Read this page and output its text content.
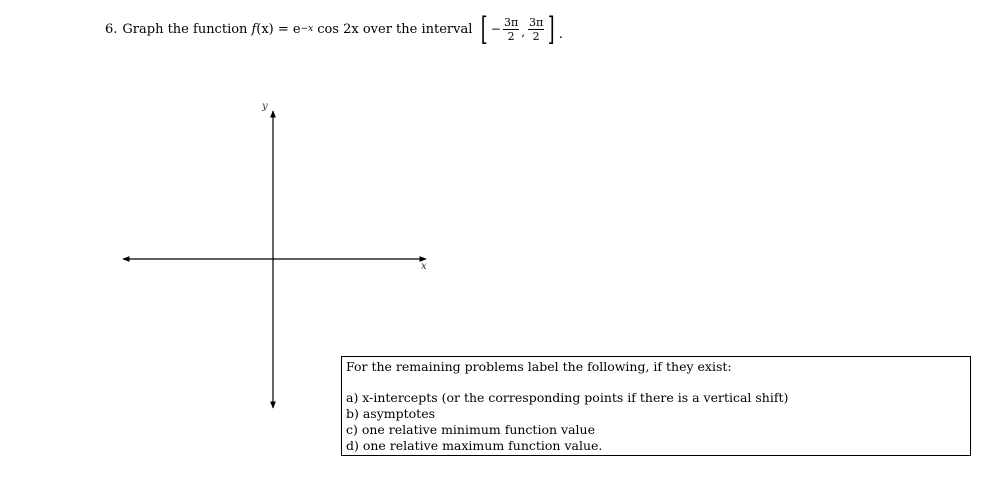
6. Graph the function f (x) = e −x cos 2x over the interval [ − $\frac{3\pi}{2}$ , $\frac{3\pi}{2}$ ] .
y
x
For the remaining problems label the following, if they exist:
a) x-intercepts (or the corresponding points if there is a vertical shift)
b) asymptotes
c) one relative minimum function value
d) one relative maximum function value.
